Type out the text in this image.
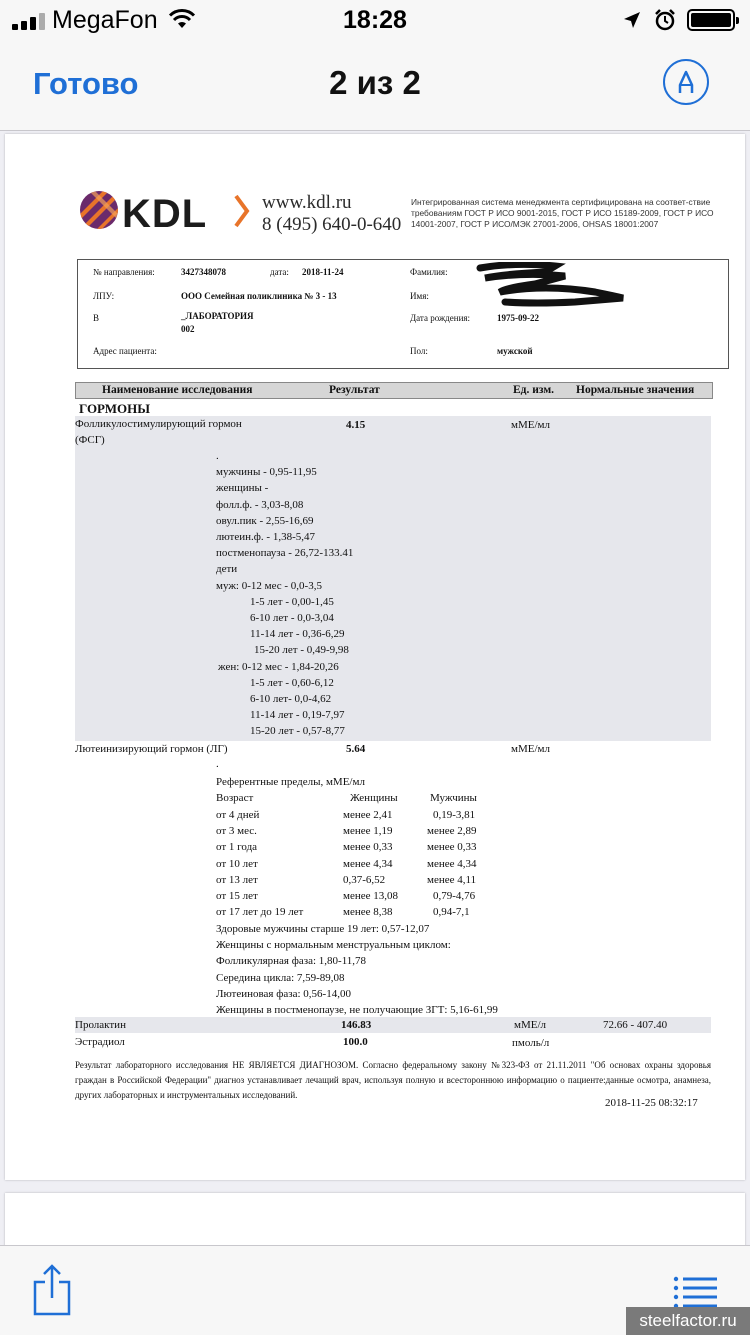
MegaFon	18:28
Готово	2 из 2
KDL	www.kdl.ru
8 (495) 640-0-640
Интегрированная система менеджмента сертифицирована на соответ-ствие требованиям ГОСТ Р ИСО 9001-2015, ГОСТ Р ИСО 15189-2009, ГОСТ Р ИСО 14001-2007, ГОСТ Р ИСО/МЭК 27001-2006, OHSAS 18001:2007
№ направления:	3427348078	дата: 2018-11-24
ЛПУ:	ООО Семейная поликлиника № 3 - 13
В	_ЛАБОРАТОРИЯ
002
Адрес пациента:
Фамилия:
Имя:
Дата рождения:	1975-09-22
Пол:	мужской
Наименование исследования	Результат	Ед. изм. Нормальные значения
ГОРМОНЫ
Фолликулостимулирующий гормон
(ФСГ)
4.15	мМЕ/мл
.
мужчины - 0,95-11,95
женщины -
фолл.ф. - 3,03-8,08
овул.пик - 2,55-16,69
лютеин.ф. - 1,38-5,47
постменопауза - 26,72-133.41
дети
муж: 0-12 мес - 0,0-3,5
1-5 лет - 0,00-1,45
6-10 лет - 0,0-3,04
11-14 лет - 0,36-6,29
15-20 лет - 0,49-9,98
жен: 0-12 мес - 1,84-20,26
1-5 лет - 0,60-6,12
6-10 лет- 0,0-4,62
11-14 лет - 0,19-7,97
15-20 лет - 0,57-8,77
Лютеинизирующий гормон (ЛГ)	5.64	мМЕ/мл
.
Референтные пределы, мМЕ/мл
Возраст	Женщины	Мужчины
от 4 дней	менее 2,41	0,19-3,81
от 3 мес.	менее 1,19	менее 2,89
от 1 года	менее 0,33	менее 0,33
от 10 лет	менее 4,34	менее 4,34
от 13 лет	0,37-6,52	менее 4,11
от 15 лет	менее 13,08	0,79-4,76
от 17 лет до 19 лет	менее 8,38	0,94-7,1
Здоровые мужчины старше 19 лет: 0,57-12,07
Женщины с нормальным менструальным циклом:
Фолликулярная фаза: 1,80-11,78
Середина цикла: 7,59-89,08
Лютеиновая фаза: 0,56-14,00
Женщины в постменопаузе, не получающие ЗГТ: 5,16-61,99
Пролактин	146.83	мМЕ/л	72.66 - 407.40
Эстрадиол	100.0	пмоль/л
Результат лабораторного исследования НЕ ЯВЛЯЕТСЯ ДИАГНОЗОМ. Согласно федеральному закону №323-ФЗ от 21.11.2011 "Об основах охраны здоровья граждан в Российской Федерации" диагноз устанавливает лечащий врач, используя полную и всестороннюю информацию о пациенте:данные осмотра, анамнеза, других лабораторных и инструментальных исследований.
2018-11-25 08:32:17
steelfactor.ru
